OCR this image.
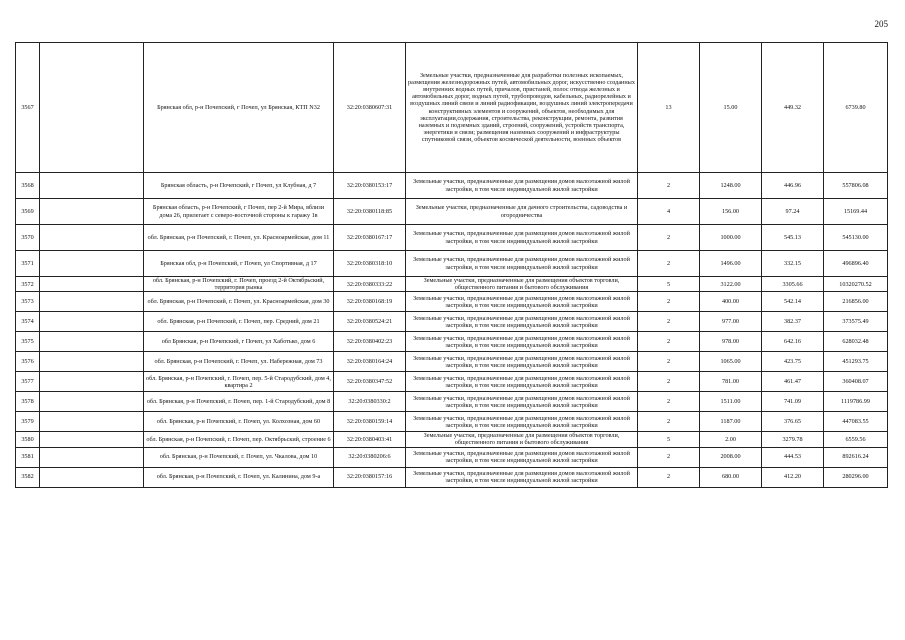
205
3567		Брянская обл, р-н Почепский, г Почеп, ул Брянская, КТП N32	32:20:0380607:31	Земельные участки, предназначенные для разработки полезных ископаемых, размещения железнодорожных путей, автомобильных дорог, искусственно созданных внутренних водных путей, причалов, пристаней, полос отвода железных и автомобильных дорог, водных путей, трубопроводов, кабельных, радиорелейных и воздушных линий связи и линий радиофикации, воздушных линий электропередачи конструктивных элементов и сооружений, объектов, необходимых для эксплуатации,содержания, строительства, реконструкции, ремонта, развития наземных и подземных зданий, строений, сооружений, устройств транспорта, энергетики и связи; размещения наземных сооружений и инфраструктуры спутниковой связи, объектов космической деятельности, военных объектов	13	15.00	449.32	6739.80
3568		Брянская область, р-н Почепский, г Почеп, ул Клубная, д 7	32:20:0380153:17	Земельные участки, предназначенные для размещения домов малоэтажной жилой застройки, в том числе индивидуальной жилой застройки	2	1248.00	446.96	557806.08
3569		Брянская область, р-н Почепский, г Почеп, пер 2-й Мира, вблизи дома 26, прилегает с северо-восточной стороны к гаражу 1в	32:20:0380118:85	Земельные участки, предназначенные для дачного строительства, садоводства и огородничества	4	156.00	97.24	15169.44
3570		обл. Брянская, р-н Почепский, г. Почеп, ул. Красноармейская, дом 11	32:20:0380167:17	Земельные участки, предназначенные для размещения домов малоэтажной жилой застройки, в том числе индивидуальной жилой застройки	2	1000.00	545.13	545130.00
3571		Брянская обл, р-н Почепский, г Почеп, ул Спортивная, д 17	32:20:0380318:10	Земельные участки, предназначенные для размещения домов малоэтажной жилой застройки, в том числе индивидуальной жилой застройки	2	1496.00	332.15	496896.40
3572		обл. Брянская, р-н Почепский, г. Почеп, проезд 2-й Октябрьский, территория рынка	32:20:0380333:22	Земельные участки, предназначенные для размещения объектов торговли, общественного питания и бытового обслуживания	5	3122.00	3305.66	10320270.52
3573		обл. Брянская, р-н Почепский, г. Почеп, ул. Красноармейская, дом 30	32:20:0380168:19	Земельные участки, предназначенные для размещения домов малоэтажной жилой застройки, в том числе индивидуальной жилой застройки	2	400.00	542.14	216856.00
3574		обл. Брянская, р-н Почепский, г. Почеп, пер. Средний, дом 21	32:20:0380524:21	Земельные участки, предназначенные для размещения домов малоэтажной жилой застройки, в том числе индивидуальной жилой застройки	2	977.00	382.37	373575.49
3575		обл Брянская, р-н Почепский, г Почеп, ул Хаботько, дом 6	32:20:0380402:23	Земельные участки, предназначенные для размещения домов малоэтажной жилой застройки, в том числе индивидуальной жилой застройки	2	978.00	642.16	628032.48
3576		обл. Брянская, р-н Почепский, г. Почеп, ул. Набережная, дом 73	32:20:0380164:24	Земельные участки, предназначенные для размещения домов малоэтажной жилой застройки, в том числе индивидуальной жилой застройки	2	1065.00	423.75	451293.75
3577		обл. Брянская, р-н Почепский, г. Почеп, пер. 5-й Стародубский, дом 4, квартира 2	32:20:0380347:52	Земельные участки, предназначенные для размещения домов малоэтажной жилой застройки, в том числе индивидуальной жилой застройки	2	781.00	461.47	360408.07
3578		обл. Брянская, р-н Почепский, г. Почеп, пер. 1-й Стародубский, дом 8	32:20:0380330:2	Земельные участки, предназначенные для размещения домов малоэтажной жилой застройки, в том числе индивидуальной жилой застройки	2	1511.00	741.09	1119786.99
3579		обл. Брянская, р-н Почепский, г. Почеп, ул. Колхозная, дом 60	32:20:0380159:14	Земельные участки, предназначенные для размещения домов малоэтажной жилой застройки, в том числе индивидуальной жилой застройки	2	1187.00	376.65	447083.55
3580		обл. Брянская, р-н Почепский, г. Почеп, пер. Октябрьский, строение 6	32:20:0380403:41	Земельные участки, предназначенные для размещения объектов торговли, общественного питания и бытового обслуживания	5	2.00	3279.78	6559.56
3581		обл. Брянская, р-н Почепский, г. Почеп, ул. Чкалова, дом 10	32:20:0380206:6	Земельные участки, предназначенные для размещения домов малоэтажной жилой застройки, в том числе индивидуальной жилой застройки	2	2008.00	444.53	892616.24
3582		обл. Брянская, р-н Почепский, г. Почеп, ул. Калинина, дом 9-а	32:20:0380157:16	Земельные участки, предназначенные для размещения домов малоэтажной жилой застройки, в том числе индивидуальной жилой застройки	2	680.00	412.20	280296.00
